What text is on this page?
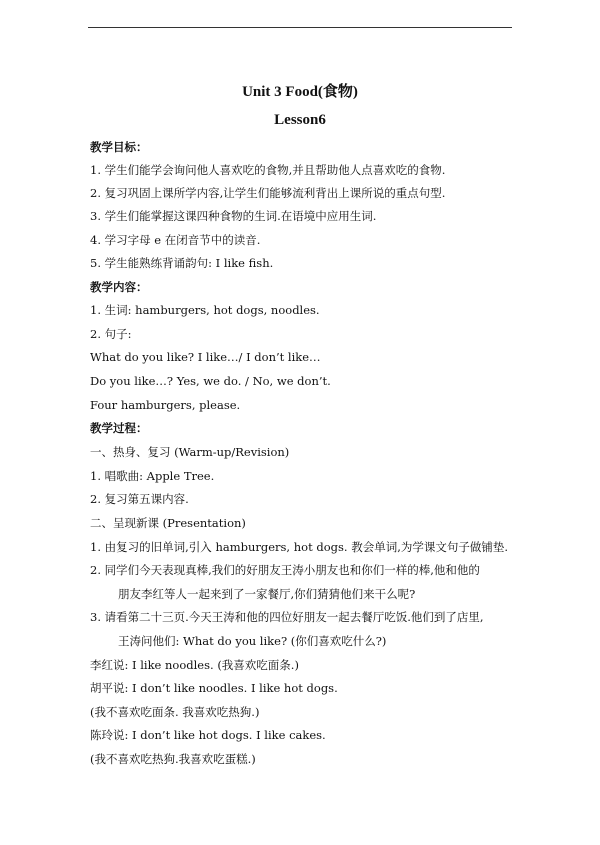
Unit 3 Food(食物)
Lesson6
教学目标：
1. 学生们能学会询问他人喜欢吃的食物,并且帮助他人点喜欢吃的食物.
2. 复习巩固上课所学内容,让学生们能够流利背出上课所说的重点句型.
3. 学生们能掌握这课四种食物的生词.在语境中应用生词.
4. 学习字母 e 在闭音节中的读音.
5. 学生能熟练背诵韵句: I like fish.
教学内容：
1. 生词: hamburgers, hot dogs, noodles.
2. 句子:
What do you like? I like…/ I don’t like…
Do you like…? Yes, we do. / No, we don’t.
Four hamburgers, please.
教学过程：
一、热身、复习 (Warm-up/Revision)
1. 唱歌曲: Apple Tree.
2. 复习第五课内容.
二、呈现新课 (Presentation)
1. 由复习的旧单词,引入 hamburgers, hot dogs. 教会单词,为学课文句子做铺垫.
2. 同学们今天表现真棒,我们的好朋友王涛小朋友也和你们一样的棒,他和他的
朋友李红等人一起来到了一家餐厅,你们猜猜他们来干么呢?
3. 请看第二十三页.今天王涛和他的四位好朋友一起去餐厅吃饭.他们到了店里,
王涛问他们: What do you like? (你们喜欢吃什么?)
李红说: I like noodles. (我喜欢吃面条.)
胡平说: I don’t like noodles. I like hot dogs.
(我不喜欢吃面条. 我喜欢吃热狗.)
陈玲说: I don’t like hot dogs. I like cakes.
(我不喜欢吃热狗.我喜欢吃蛋糕.)
